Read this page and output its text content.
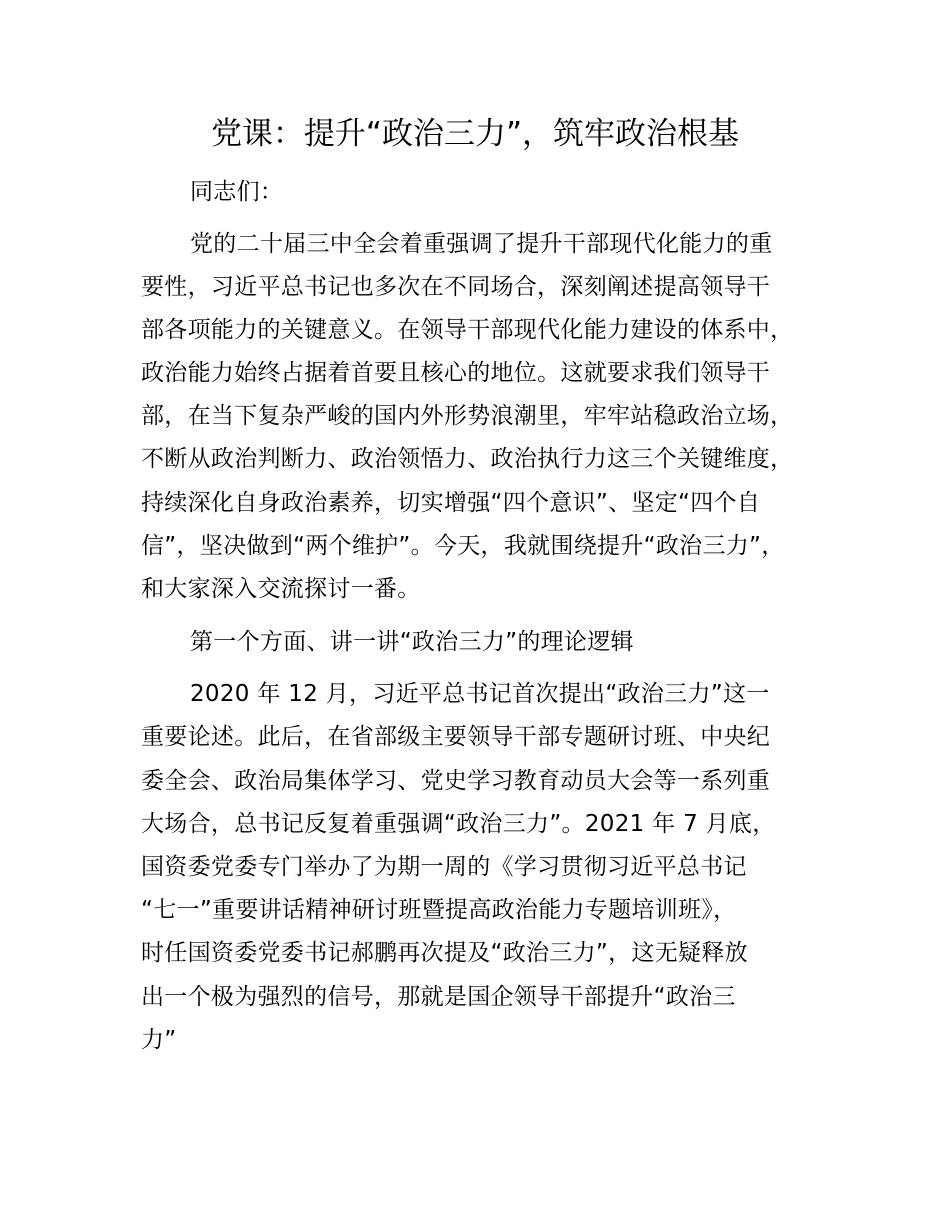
党课：提升“政治三力”，筑牢政治根基
同志们：
党的二十届三中全会着重强调了提升干部现代化能力的重
要性，习近平总书记也多次在不同场合，深刻阐述提高领导干
部各项能力的关键意义。在领导干部现代化能力建设的体系中，
政治能力始终占据着首要且核心的地位。这就要求我们领导干
部，在当下复杂严峻的国内外形势浪潮里，牢牢站稳政治立场，
不断从政治判断力、政治领悟力、政治执行力这三个关键维度，
持续深化自身政治素养，切实增强“四个意识”、坚定“四个自
信”，坚决做到“两个维护”。今天，我就围绕提升“政治三力”，
和大家深入交流探讨一番。
第一个方面、讲一讲“政治三力”的理论逻辑
2020 年 12 月，习近平总书记首次提出“政治三力”这一
重要论述。此后，在省部级主要领导干部专题研讨班、中央纪
委全会、政治局集体学习、党史学习教育动员大会等一系列重
大场合，总书记反复着重强调“政治三力”。2021 年 7 月底，
国资委党委专门举办了为期一周的《学习贯彻习近平总书记
“七一”重要讲话精神研讨班暨提高政治能力专题培训班》，
时任国资委党委书记郝鹏再次提及“政治三力”，这无疑释放
出一个极为强烈的信号，那就是国企领导干部提升“政治三
力”
